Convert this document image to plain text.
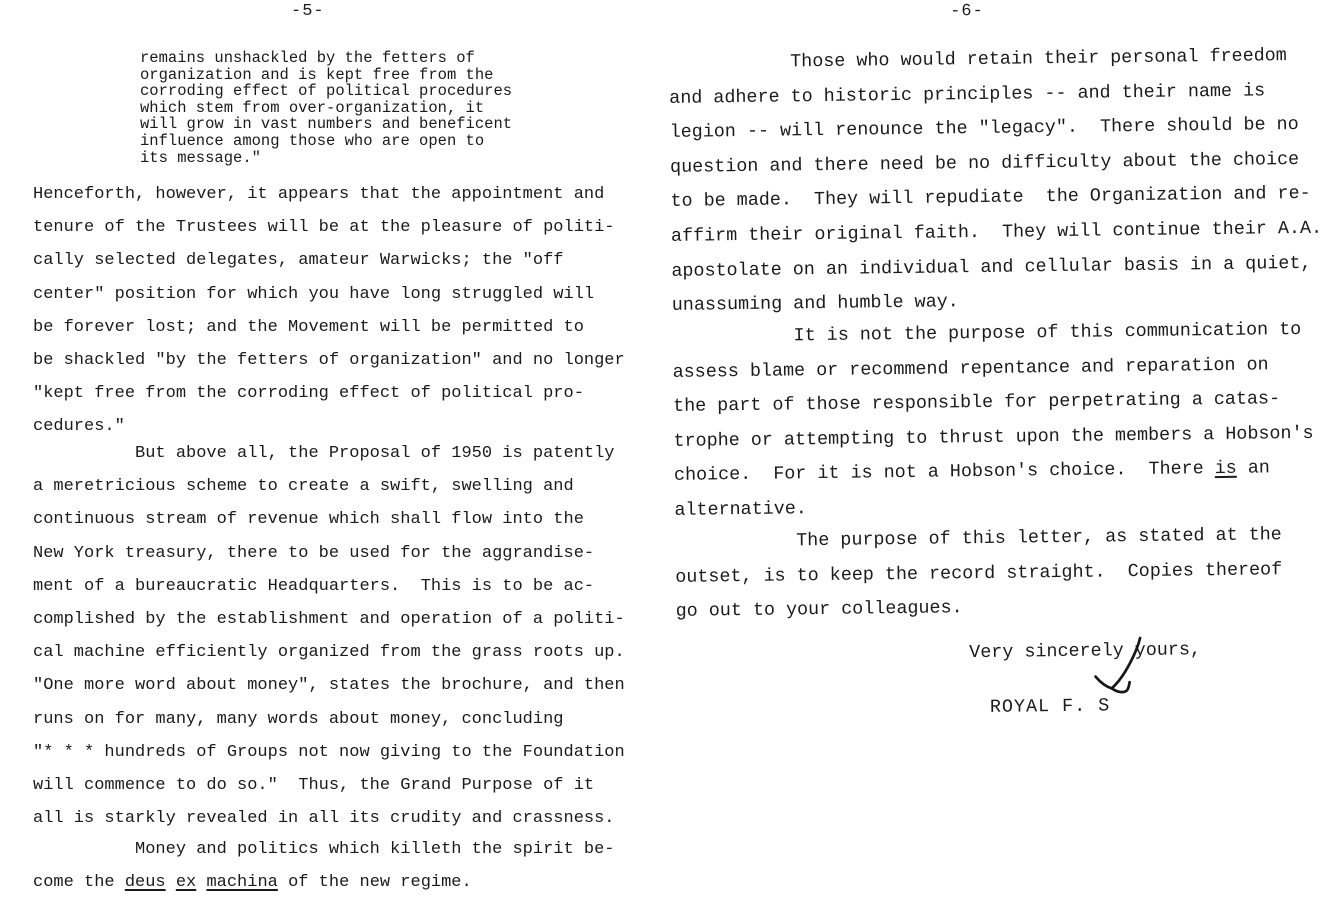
-5-
remains unshackled by the fetters of
organization and is kept free from the
corroding effect of political procedures
which stem from over-organization, it
will grow in vast numbers and beneficent
influence among those who are open to
its message."
Henceforth, however, it appears that the appointment and
tenure of the Trustees will be at the pleasure of politi-
cally selected delegates, amateur Warwicks; the "off
center" position for which you have long struggled will
be forever lost; and the Movement will be permitted to
be shackled "by the fetters of organization" and no longer
"kept free from the corroding effect of political pro-
cedures."
But above all, the Proposal of 1950 is patently
a meretricious scheme to create a swift, swelling and
continuous stream of revenue which shall flow into the
New York treasury, there to be used for the aggrandise-
ment of a bureaucratic Headquarters.  This is to be ac-
complished by the establishment and operation of a politi-
cal machine efficiently organized from the grass roots up.
"One more word about money", states the brochure, and then
runs on for many, many words about money, concluding
"* * * hundreds of Groups not now giving to the Foundation
will commence to do so."  Thus, the Grand Purpose of it
all is starkly revealed in all its crudity and crassness.
Money and politics which killeth the spirit be-
come the deus ex machina of the new regime.
-6-
Those who would retain their personal freedom
and adhere to historic principles -- and their name is
legion -- will renounce the "legacy".  There should be no
question and there need be no difficulty about the choice
to be made.  They will repudiate  the Organization and re-
affirm their original faith.  They will continue their A.A.
apostolate on an individual and cellular basis in a quiet,
unassuming and humble way.
It is not the purpose of this communication to
assess blame or recommend repentance and reparation on
the part of those responsible for perpetrating a catas-
trophe or attempting to thrust upon the members a Hobson's
choice.  For it is not a Hobson's choice.  There is an
alternative.
The purpose of this letter, as stated at the
outset, is to keep the record straight.  Copies thereof
go out to your colleagues.
Very sincerely yours,
ROYAL F. S
